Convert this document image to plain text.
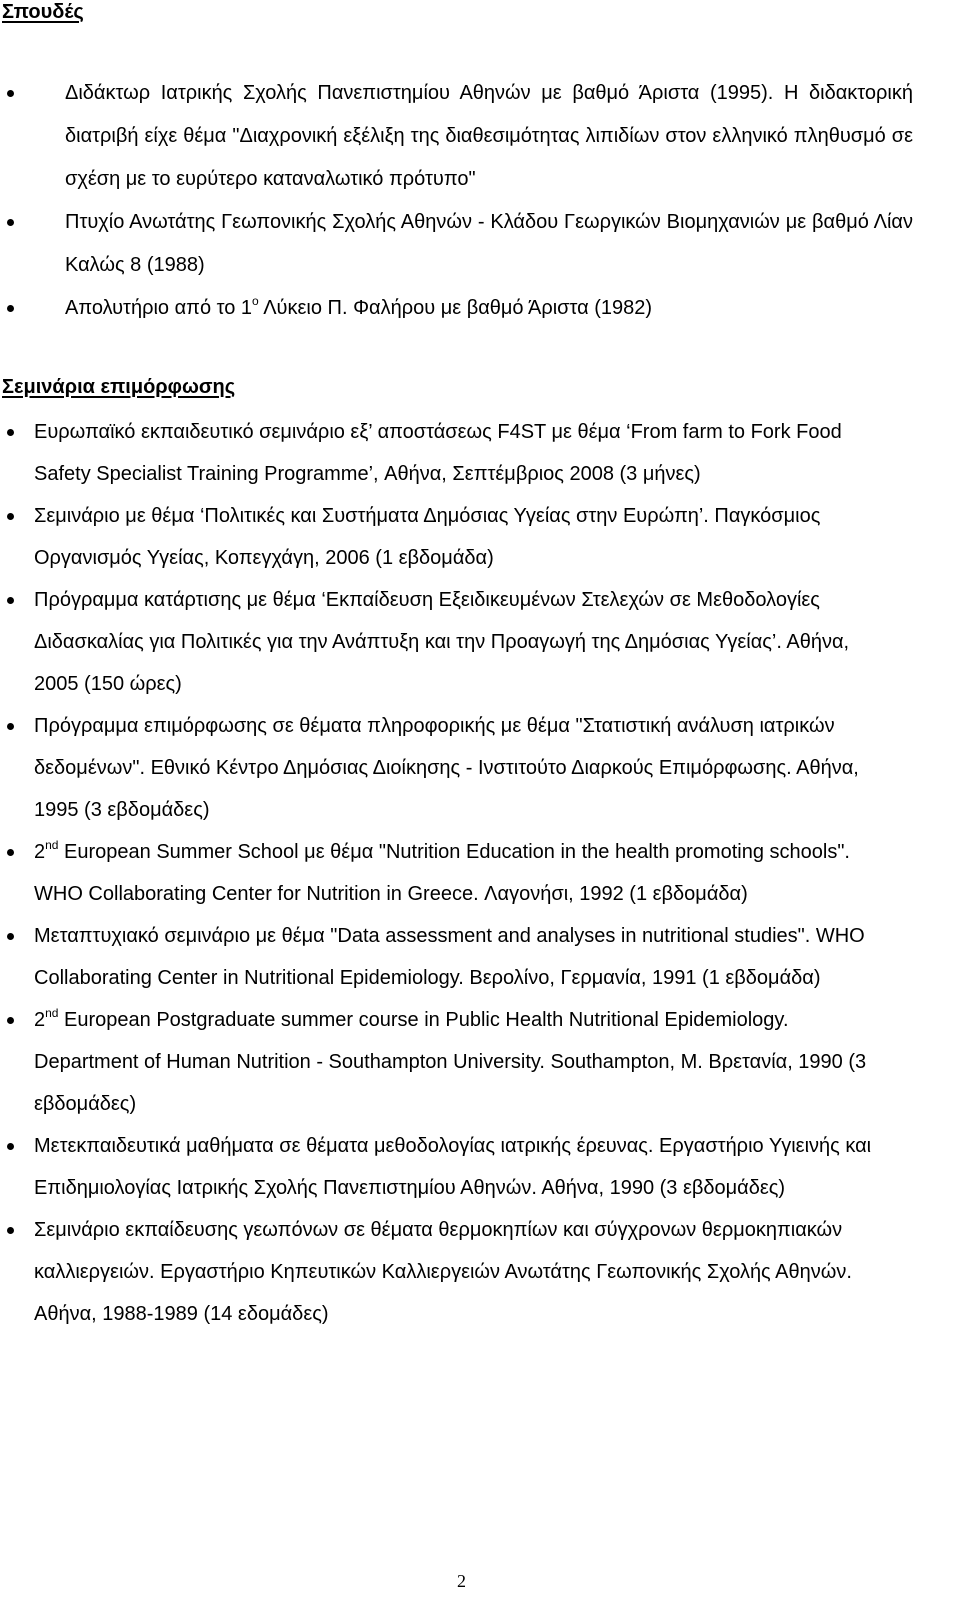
Σπουδές
Διδάκτωρ Ιατρικής Σχολής Πανεπιστημίου Αθηνών με βαθμό Άριστα (1995). Η διδακτορική διατριβή είχε θέμα "Διαχρονική εξέλιξη της διαθεσιμότητας λιπιδίων στον ελληνικό πληθυσμό σε σχέση με το ευρύτερο καταναλωτικό πρότυπο"
Πτυχίο Ανωτάτης Γεωπονικής Σχολής Αθηνών - Κλάδου Γεωργικών Βιομηχανιών με βαθμό Λίαν Καλώς 8 (1988)
Απολυτήριο από το $1^o$ Λύκειο Π. Φαλήρου με βαθμό Άριστα (1982)
Σεμινάρια επιμόρφωσης
Ευρωπαϊκό εκπαιδευτικό σεμινάριο εξ’ αποστάσεως F4ST με θέμα ‘From farm to Fork Food Safety Specialist Training Programme’, Αθήνα, Σεπτέμβριος 2008 (3 μήνες)
Σεμινάριο με θέμα ‘Πολιτικές και Συστήματα Δημόσιας Υγείας στην Ευρώπη’. Παγκόσμιος Οργανισμός Υγείας, Κοπεγχάγη, 2006 (1 εβδομάδα)
Πρόγραμμα κατάρτισης με θέμα ‘Εκπαίδευση Εξειδικευμένων Στελεχών σε Μεθοδολογίες Διδασκαλίας για Πολιτικές για την Ανάπτυξη και την Προαγωγή της Δημόσιας Υγείας’. Αθήνα, 2005 (150 ώρες)
Πρόγραμμα επιμόρφωσης σε θέματα πληροφορικής με θέμα "Στατιστική ανάλυση ιατρικών δεδομένων". Εθνικό Κέντρο Δημόσιας Διοίκησης - Ινστιτούτο Διαρκούς Επιμόρφωσης. Αθήνα, 1995 (3 εβδομάδες)
2nd European Summer School με θέμα "Nutrition Education in the health promoting schools". WHO Collaborating Center for Nutrition in Greece. Λαγονήσι, 1992 (1 εβδομάδα)
Μεταπτυχιακό σεμινάριο με θέμα "Data assessment and analyses in nutritional studies". WHO Collaborating Center in Nutritional Epidemiology. Βερολίνο, Γερμανία, 1991 (1 εβδομάδα)
2nd European Postgraduate summer course in Public Health Nutritional Epidemiology. Department of Human Nutrition - Southampton University. Southampton, Μ. Βρετανία, 1990 (3 εβδομάδες)
Μετεκπαιδευτικά μαθήματα σε θέματα μεθοδολογίας ιατρικής έρευνας. Εργαστήριο Υγιεινής και Επιδημιολογίας Ιατρικής Σχολής Πανεπιστημίου Αθηνών. Αθήνα, 1990 (3 εβδομάδες)
Σεμινάριο εκπαίδευσης γεωπόνων σε θέματα θερμοκηπίων και σύγχρονων θερμοκηπιακών καλλιεργειών. Εργαστήριο Κηπευτικών Καλλιεργειών Ανωτάτης Γεωπονικής Σχολής Αθηνών. Αθήνα, 1988-1989 (14 εδομάδες)
2
